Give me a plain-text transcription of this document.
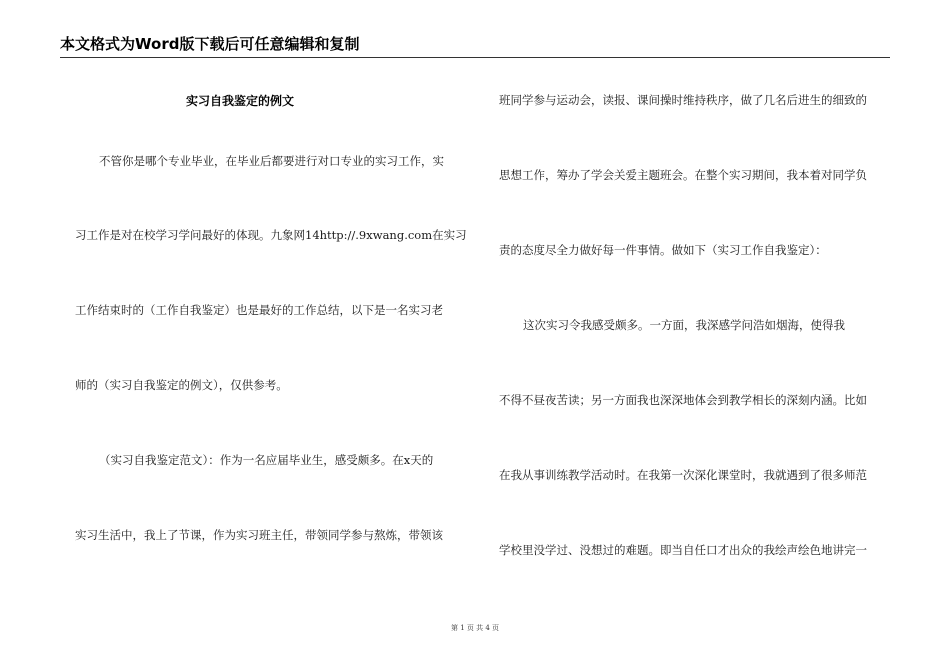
本文格式为Word版下载后可任意编辑和复制
实习自我鉴定的例文
不管你是哪个专业毕业，在毕业后都要进行对口专业的实习工作，实
习工作是对在校学习学问最好的体现。九象网14http://.9xwang.com在实习
工作结束时的（工作自我鉴定）也是最好的工作总结，以下是一名实习老
师的（实习自我鉴定的例文），仅供参考。
（实习自我鉴定范文）：作为一名应届毕业生，感受颇多。在x天的
实习生活中，我上了节课，作为实习班主任，带领同学参与熬炼，带领该
班同学参与运动会，读报、课间操时维持秩序，做了几名后进生的细致的
思想工作，筹办了学会关爱主题班会。在整个实习期间，我本着对同学负
责的态度尽全力做好每一件事情。做如下（实习工作自我鉴定）：
这次实习令我感受颇多。一方面，我深感学问浩如烟海，使得我
不得不昼夜苦读；另一方面我也深深地体会到教学相长的深刻内涵。比如
在我从事训练教学活动时。在我第一次深化课堂时，我就遇到了很多师范
学校里没学过、没想过的难题。即当自任口才出众的我绘声绘色地讲完一
第 1 页 共 4 页
